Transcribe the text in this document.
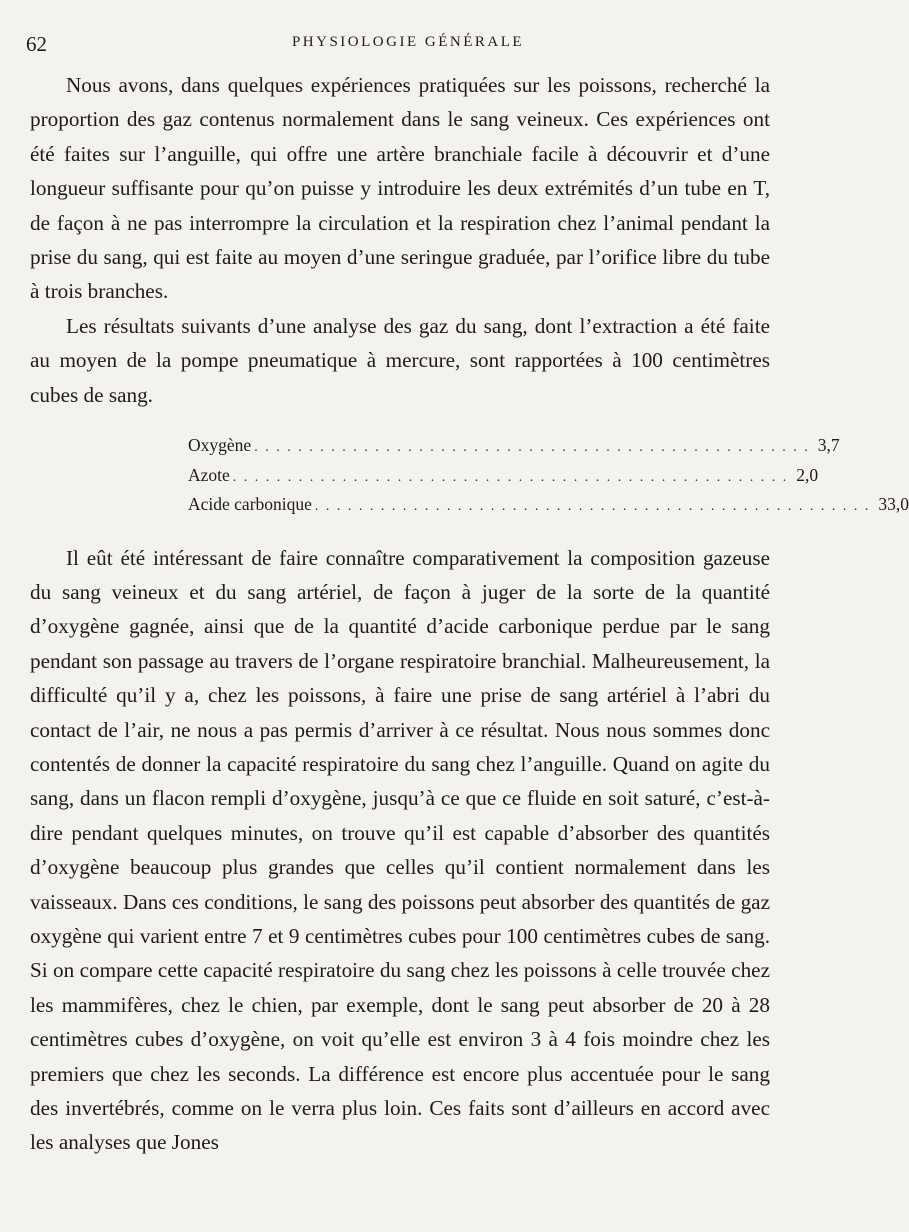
62	PHYSIOLOGIE GÉNÉRALE

Nous avons, dans quelques expériences pratiquées sur les poissons, recherché la proportion des gaz contenus normalement dans le sang veineux. Ces expériences ont été faites sur l’anguille, qui offre une artère branchiale facile à découvrir et d’une longueur suffisante pour qu’on puisse y introduire les deux extrémités d’un tube en T, de façon à ne pas interrompre la circulation et la respiration chez l’animal pendant la prise du sang, qui est faite au moyen d’une seringue graduée, par l’orifice libre du tube à trois branches.

Les résultats suivants d’une analyse des gaz du sang, dont l’extraction a été faite au moyen de la pompe pneumatique à mercure, sont rapportées à 100 centimètres cubes de sang.

Oxygène . . . . . . . . . . . . . . . . . . . . . . . . . . . . . . . . . . . . . . . . . . . . . . . . . . . 3,7
Azote . . . . . . . . . . . . . . . . . . . . . . . . . . . . . . . . . . . . . . . . . . . . . . . . . . . 2,0
Acide carbonique . . . . . . . . . . . . . . . . . . . . . . . . . . . . . . . . . . . . . . . . . . . . . . . . . . . 33,0

Il eût été intéressant de faire connaître comparativement la composition gazeuse du sang veineux et du sang artériel, de façon à juger de la sorte de la quantité d’oxygène gagnée, ainsi que de la quantité d’acide carbonique perdue par le sang pendant son passage au travers de l’organe respiratoire branchial. Malheureusement, la difficulté qu’il y a, chez les poissons, à faire une prise de sang artériel à l’abri du contact de l’air, ne nous a pas permis d’arriver à ce résultat. Nous nous sommes donc contentés de donner la capacité respiratoire du sang chez l’anguille. Quand on agite du sang, dans un flacon rempli d’oxygène, jusqu’à ce que ce fluide en soit saturé, c’est-à-dire pendant quelques minutes, on trouve qu’il est capable d’absorber des quantités d’oxygène beaucoup plus grandes que celles qu’il contient normalement dans les vaisseaux. Dans ces conditions, le sang des poissons peut absorber des quantités de gaz oxygène qui varient entre 7 et 9 centimètres cubes pour 100 centimètres cubes de sang. Si on compare cette capacité respiratoire du sang chez les poissons à celle trouvée chez les mammifères, chez le chien, par exemple, dont le sang peut absorber de 20 à 28 centimètres cubes d’oxygène, on voit qu’elle est environ 3 à 4 fois moindre chez les premiers que chez les seconds. La différence est encore plus accentuée pour le sang des invertébrés, comme on le verra plus loin. Ces faits sont d’ailleurs en accord avec les analyses que Jones
